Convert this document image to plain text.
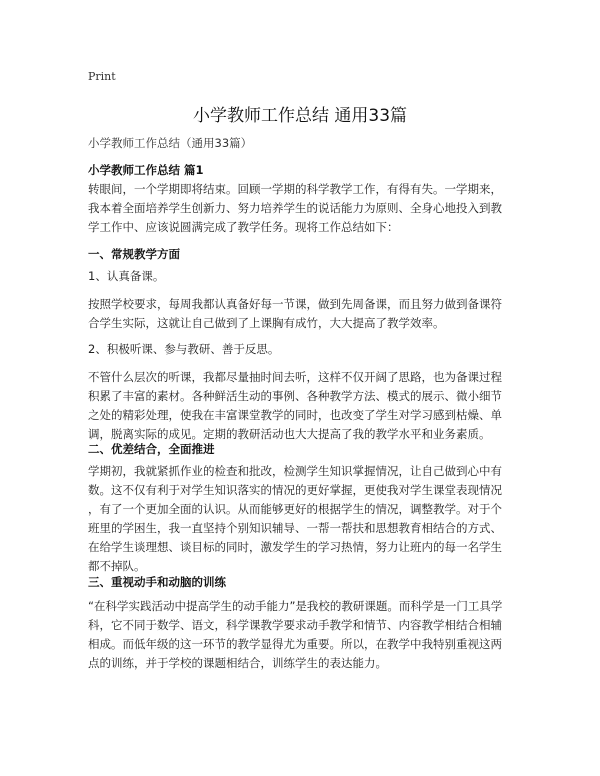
Print
小学教师工作总结 通用33篇
小学教师工作总结（通用33篇）
小学教师工作总结 篇1
转眼间，一个学期即将结束。回顾一学期的科学教学工作，有得有失。一学期来，
我本着全面培养学生创新力、努力培养学生的说话能力为原则、全身心地投入到教
学工作中、应该说圆满完成了教学任务。现将工作总结如下：
一、常规教学方面
1、认真备课。
按照学校要求，每周我都认真备好每一节课，做到先周备课，而且努力做到备课符
合学生实际，这就让自己做到了上课胸有成竹，大大提高了教学效率。
2、积极听课、参与教研、善于反思。
不管什么层次的听课，我都尽量抽时间去听，这样不仅开阔了思路，也为备课过程
积累了丰富的素材。各种鲜活生动的事例、各种教学方法、模式的展示、微小细节
之处的精彩处理，使我在丰富课堂教学的同时，也改变了学生对学习感到枯燥、单
调，脱离实际的成见。定期的教研活动也大大提高了我的教学水平和业务素质。
二、优差结合，全面推进
学期初，我就紧抓作业的检查和批改，检测学生知识掌握情况，让自己做到心中有
数。这不仅有利于对学生知识落实的情况的更好掌握，更使我对学生课堂表现情况
，有了一个更加全面的认识。从而能够更好的根据学生的情况，调整教学。对于个
班里的学困生，我一直坚持个别知识辅导、一帮一帮扶和思想教育相结合的方式、
在给学生谈理想、谈目标的同时，激发学生的学习热情，努力让班内的每一名学生
都不掉队。
三、重视动手和动脑的训练
“在科学实践活动中提高学生的动手能力”是我校的教研课题。而科学是一门工具学
科，它不同于数学、语文，科学课教学要求动手教学和情节、内容教学相结合相辅
相成。而低年级的这一环节的教学显得尤为重要。所以，在教学中我特别重视这两
点的训练，并于学校的课题相结合，训练学生的表达能力。
